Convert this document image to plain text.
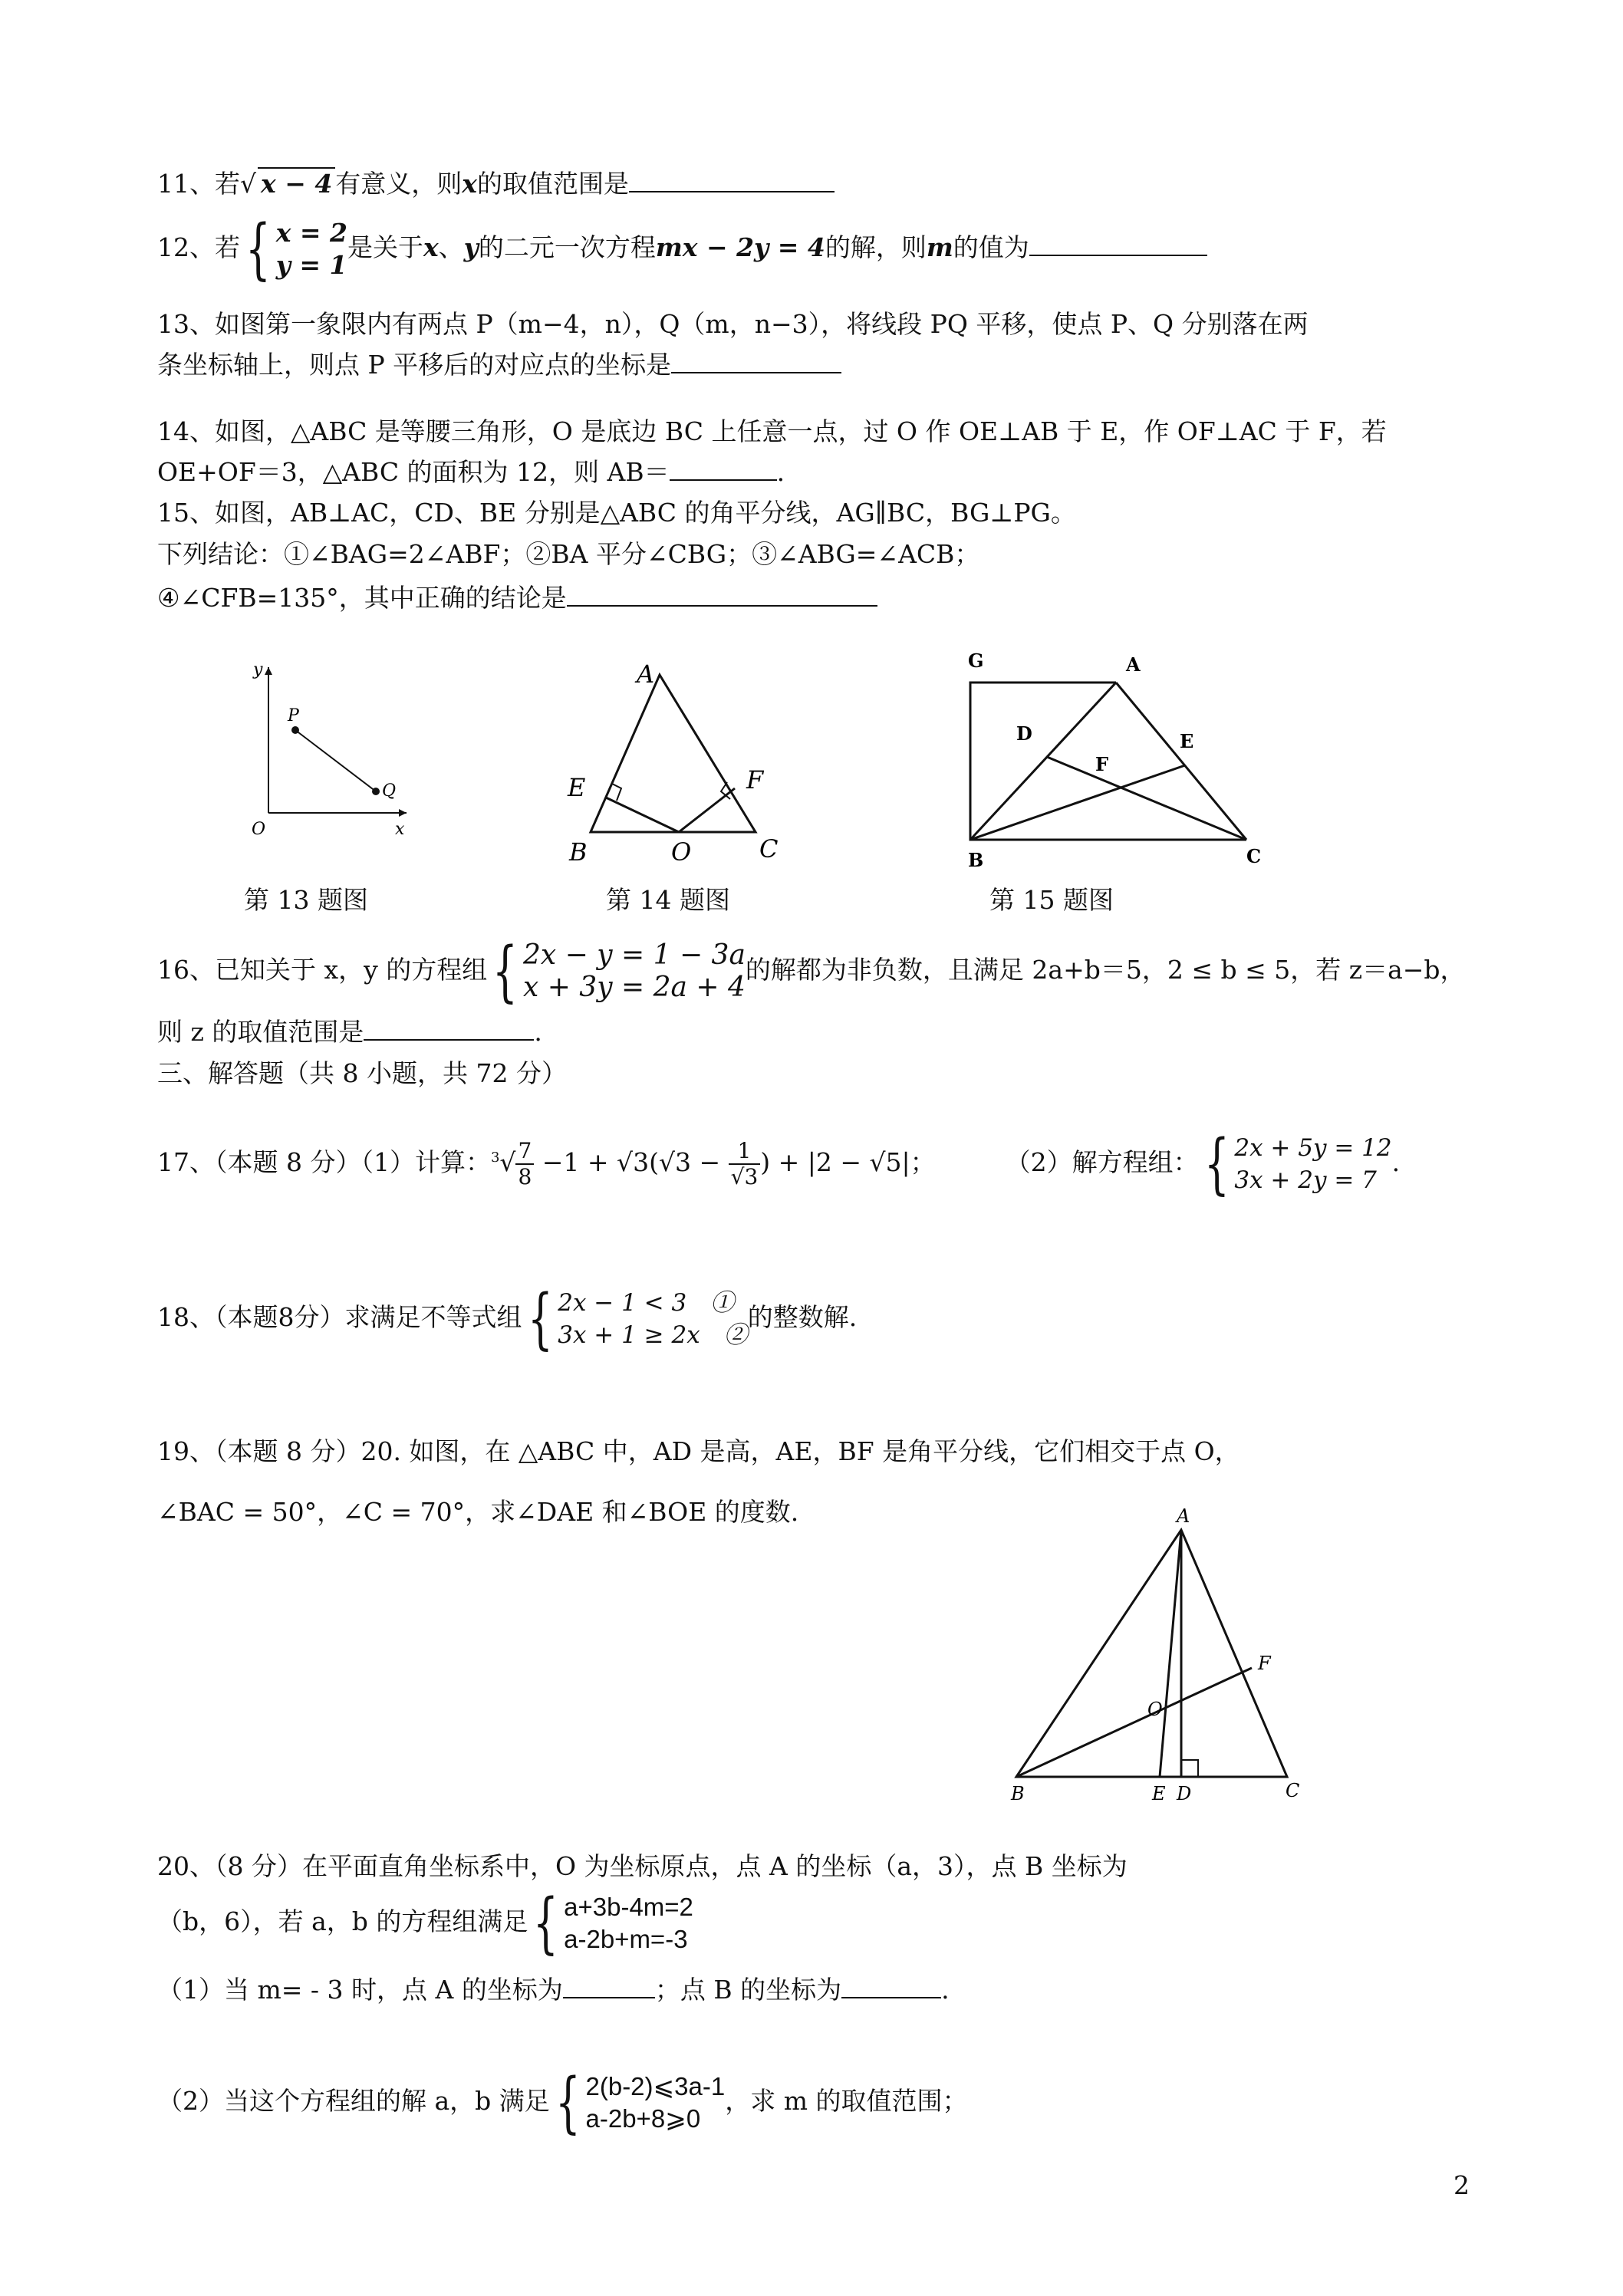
11、若√ x − 4 有意义，则x的取值范围是
12、若{ x = 2
y = 1
是关于x、y的二元一次方程mx − 2y = 4的解，则m的值为
13、如图第一象限内有两点 P（m−4，n），Q（m，n−3），将线段 PQ 平移，使点 P、Q 分别落在两
条坐标轴上，则点 P 平移后的对应点的坐标是
14、如图，△ABC 是等腰三角形，O 是底边 BC 上任意一点，过 O 作 OE⊥AB 于 E，作 OF⊥AC 于 F，若
OE+OF＝3，△ABC 的面积为 12，则 AB＝	.
15、如图，AB⊥AC，CD、BE 分别是△ABC 的角平分线，AG∥BC，BG⊥PG。
下列结论：①∠BAG=2∠ABF；②BA 平分∠CBG；③∠ABG=∠ACB；
④∠CFB=135°，其中正确的结论是
y
x
O
P
Q
第 13 题图
A
E	F
B	O	C
第 14 题图
G	A
D	E
F
B	C
第 15 题图
16、已知关于 x，y 的方程组{ 2x − y = 1 − 3a
x + 3y = 2a + 4
的解都为非负数，且满足 2a+b＝5，2 ≤ b ≤ 5，若 z＝a−b，
则 z 的取值范围是	.
三、解答题（共 8 小题，共 72 分）
17、（本题 8 分）（1）计算：$^3√ \frac{7}{8} -1 + √3(√3 - \frac{1}{√3}$ ) + |2 − √5|；	（2）解方程组：{ 2x + 5y = 12
3x + 2y = 7
.
18、（本题8分）求满足不等式组{ 2x − 1 < 3　①
3x + 1 ≥ 2x　②
的整数解.
19、（本题 8 分）20. 如图，在 △ABC 中，AD 是高，AE，BF 是角平分线，它们相交于点 O，
∠BAC = 50°，∠C = 70°，求∠DAE 和∠BOE 的度数.	A
F
O
B	E D	C
20、（8 分）在平面直角坐标系中，O 为坐标原点，点 A 的坐标（a，3），点 B 坐标为
（b，6），若 a，b 的方程组满足{ a+3b-4m=2
a-2b+m=-3
（1）当 m= - 3 时，点 A 的坐标为	；点 B 的坐标为	.
（2）当这个方程组的解 a，b 满足{ 2(b-2)⩽3a-1
a-2b+8⩾0
，求 m 的取值范围；
2
